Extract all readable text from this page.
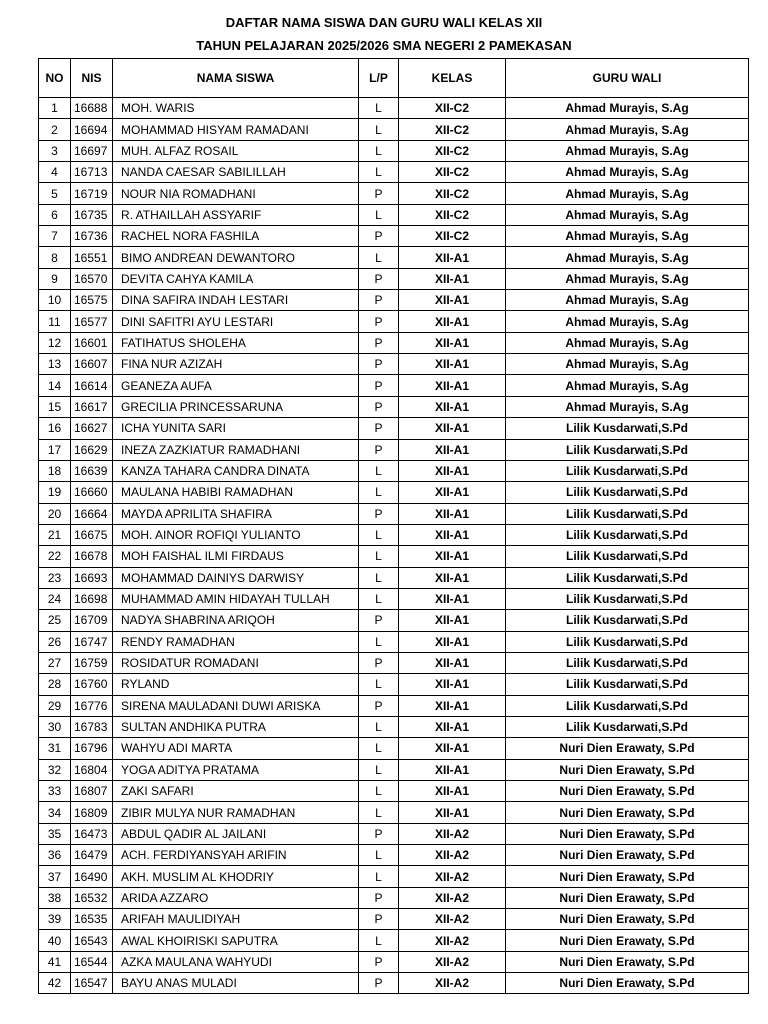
DAFTAR NAMA SISWA DAN GURU WALI KELAS XII
TAHUN PELAJARAN 2025/2026 SMA NEGERI 2 PAMEKASAN
NO	NIS	NAMA SISWA	L/P	KELAS	GURU WALI
1	16688	MOH. WARIS	L	XII-C2	Ahmad Murayis, S.Ag
2	16694	MOHAMMAD HISYAM RAMADANI	L	XII-C2	Ahmad Murayis, S.Ag
3	16697	MUH. ALFAZ ROSAIL	L	XII-C2	Ahmad Murayis, S.Ag
4	16713	NANDA CAESAR SABILILLAH	L	XII-C2	Ahmad Murayis, S.Ag
5	16719	NOUR NIA ROMADHANI	P	XII-C2	Ahmad Murayis, S.Ag
6	16735	R. ATHAILLAH ASSYARIF	L	XII-C2	Ahmad Murayis, S.Ag
7	16736	RACHEL NORA FASHILA	P	XII-C2	Ahmad Murayis, S.Ag
8	16551	BIMO ANDREAN DEWANTORO	L	XII-A1	Ahmad Murayis, S.Ag
9	16570	DEVITA CAHYA KAMILA	P	XII-A1	Ahmad Murayis, S.Ag
10	16575	DINA SAFIRA INDAH LESTARI	P	XII-A1	Ahmad Murayis, S.Ag
11	16577	DINI SAFITRI AYU LESTARI	P	XII-A1	Ahmad Murayis, S.Ag
12	16601	FATIHATUS SHOLEHA	P	XII-A1	Ahmad Murayis, S.Ag
13	16607	FINA NUR AZIZAH	P	XII-A1	Ahmad Murayis, S.Ag
14	16614	GEANEZA AUFA	P	XII-A1	Ahmad Murayis, S.Ag
15	16617	GRECILIA PRINCESSARUNA	P	XII-A1	Ahmad Murayis, S.Ag
16	16627	ICHA YUNITA SARI	P	XII-A1	Lilik Kusdarwati,S.Pd
17	16629	INEZA ZAZKIATUR RAMADHANI	P	XII-A1	Lilik Kusdarwati,S.Pd
18	16639	KANZA TAHARA CANDRA DINATA	L	XII-A1	Lilik Kusdarwati,S.Pd
19	16660	MAULANA HABIBI RAMADHAN	L	XII-A1	Lilik Kusdarwati,S.Pd
20	16664	MAYDA APRILITA SHAFIRA	P	XII-A1	Lilik Kusdarwati,S.Pd
21	16675	MOH. AINOR ROFIQI YULIANTO	L	XII-A1	Lilik Kusdarwati,S.Pd
22	16678	MOH FAISHAL ILMI FIRDAUS	L	XII-A1	Lilik Kusdarwati,S.Pd
23	16693	MOHAMMAD DAINIYS DARWISY	L	XII-A1	Lilik Kusdarwati,S.Pd
24	16698	MUHAMMAD AMIN HIDAYAH TULLAH	L	XII-A1	Lilik Kusdarwati,S.Pd
25	16709	NADYA SHABRINA ARIQOH	P	XII-A1	Lilik Kusdarwati,S.Pd
26	16747	RENDY RAMADHAN	L	XII-A1	Lilik Kusdarwati,S.Pd
27	16759	ROSIDATUR ROMADANI	P	XII-A1	Lilik Kusdarwati,S.Pd
28	16760	RYLAND	L	XII-A1	Lilik Kusdarwati,S.Pd
29	16776	SIRENA MAULADANI DUWI ARISKA	P	XII-A1	Lilik Kusdarwati,S.Pd
30	16783	SULTAN ANDHIKA PUTRA	L	XII-A1	Lilik Kusdarwati,S.Pd
31	16796	WAHYU ADI MARTA	L	XII-A1	Nuri Dien Erawaty, S.Pd
32	16804	YOGA ADITYA PRATAMA	L	XII-A1	Nuri Dien Erawaty, S.Pd
33	16807	ZAKI SAFARI	L	XII-A1	Nuri Dien Erawaty, S.Pd
34	16809	ZIBIR MULYA NUR RAMADHAN	L	XII-A1	Nuri Dien Erawaty, S.Pd
35	16473	ABDUL QADIR AL JAILANI	P	XII-A2	Nuri Dien Erawaty, S.Pd
36	16479	ACH. FERDIYANSYAH ARIFIN	L	XII-A2	Nuri Dien Erawaty, S.Pd
37	16490	AKH. MUSLIM AL KHODRIY	L	XII-A2	Nuri Dien Erawaty, S.Pd
38	16532	ARIDA AZZARO	P	XII-A2	Nuri Dien Erawaty, S.Pd
39	16535	ARIFAH MAULIDIYAH	P	XII-A2	Nuri Dien Erawaty, S.Pd
40	16543	AWAL KHOIRISKI SAPUTRA	L	XII-A2	Nuri Dien Erawaty, S.Pd
41	16544	AZKA MAULANA WAHYUDI	P	XII-A2	Nuri Dien Erawaty, S.Pd
42	16547	BAYU ANAS MULADI	P	XII-A2	Nuri Dien Erawaty, S.Pd
